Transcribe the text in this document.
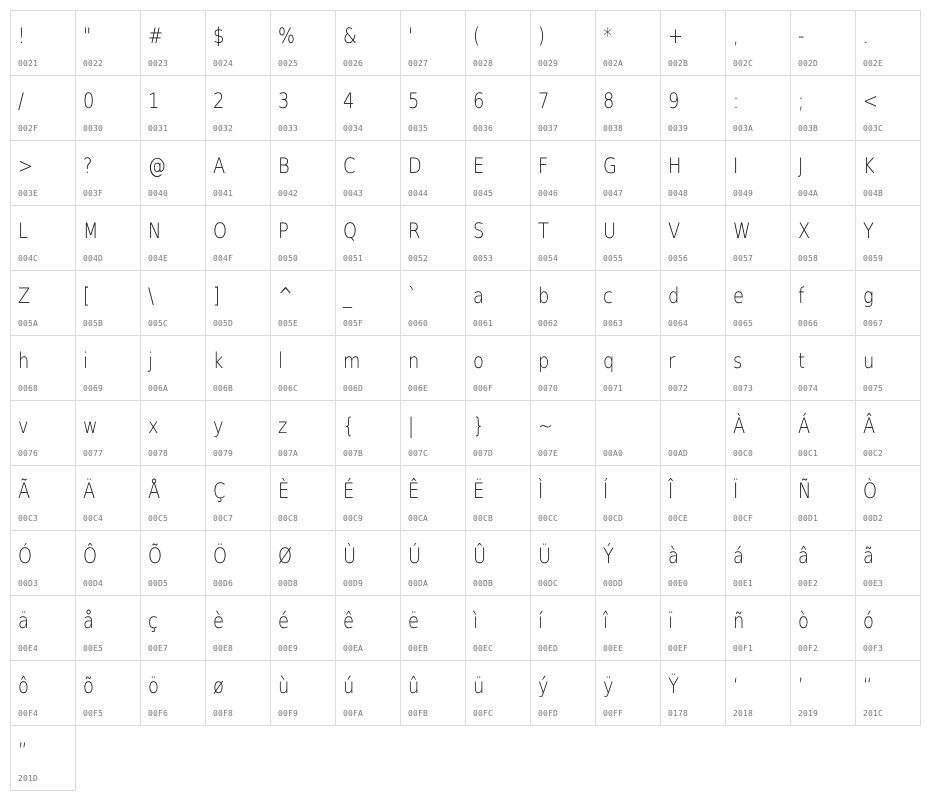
!
0021
"
0022
#
0023
$
0024
%
0025
&
0026
'
0027
(
0028
)
0029
*
002A
+
002B
,
002C
-
002D
.
002E
/
002F
0
0030
1
0031
2
0032
3
0033
4
0034
5
0035
6
0036
7
0037
8
0038
9
0039
:
003A
;
003B
<
003C
>
003E
?
003F
@
0040
A
0041
B
0042
C
0043
D
0044
E
0045
F
0046
G
0047
H
0048
I
0049
J
004A
K
004B
L
004C
M
004D
N
004E
O
004F
P
0050
Q
0051
R
0052
S
0053
T
0054
U
0055
V
0056
W
0057
X
0058
Y
0059
Z
005A
[
005B
\
005C
]
005D
^
005E
_
005F
`
0060
a
0061
b
0062
c
0063
d
0064
e
0065
f
0066
g
0067
h
0068
i
0069
j
006A
k
006B
l
006C
m
006D
n
006E
o
006F
p
0070
q
0071
r
0072
s
0073
t
0074
u
0075
v
0076
w
0077
x
0078
y
0079
z
007A
{
007B
|
007C
}
007D
~
007E	00A0	00AD
À
00C0
Á
00C1
Â
00C2
Ã
00C3
Ä
00C4
Å
00C5
Ç
00C7
È
00C8
É
00C9
Ê
00CA
Ë
00CB
Ì
00CC
Í
00CD
Î
00CE
Ï
00CF
Ñ
00D1
Ò
00D2
Ó
00D3
Ô
00D4
Õ
00D5
Ö
00D6
Ø
00D8
Ù
00D9
Ú
00DA
Û
00DB
Ü
00DC
Ý
00DD
à
00E0
á
00E1
â
00E2
ã
00E3
ä
00E4
å
00E5
ç
00E7
è
00E8
é
00E9
ê
00EA
ë
00EB
ì
00EC
í
00ED
î
00EE
ï
00EF
ñ
00F1
ò
00F2
ó
00F3
ô
00F4
õ
00F5
ö
00F6
ø
00F8
ù
00F9
ú
00FA
û
00FB
ü
00FC
ý
00FD
ÿ
00FF
Ÿ
0178
‘
2018
’
2019
“
201C
”
201D
